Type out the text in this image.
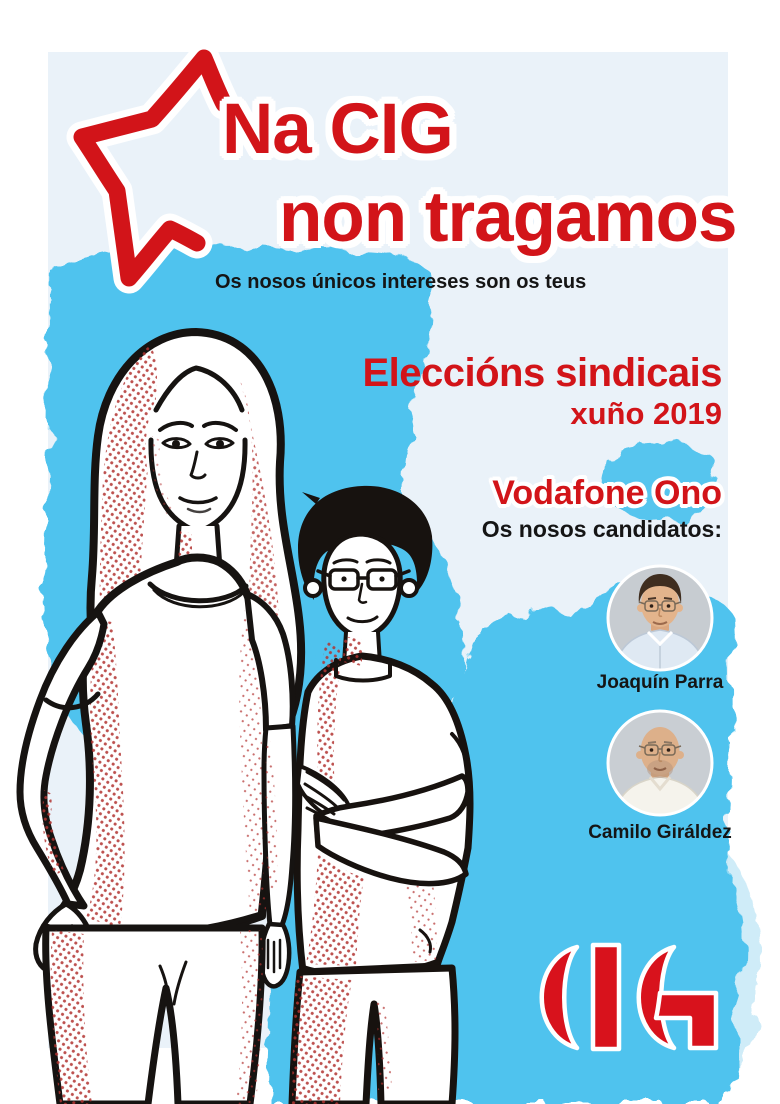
Na CIG
non tragamos
Os nosos únicos intereses son os teus
Eleccións sindicais
xuño 2019
Vodafone Ono
Os nosos candidatos:
Joaquín Parra
Camilo Giráldez
